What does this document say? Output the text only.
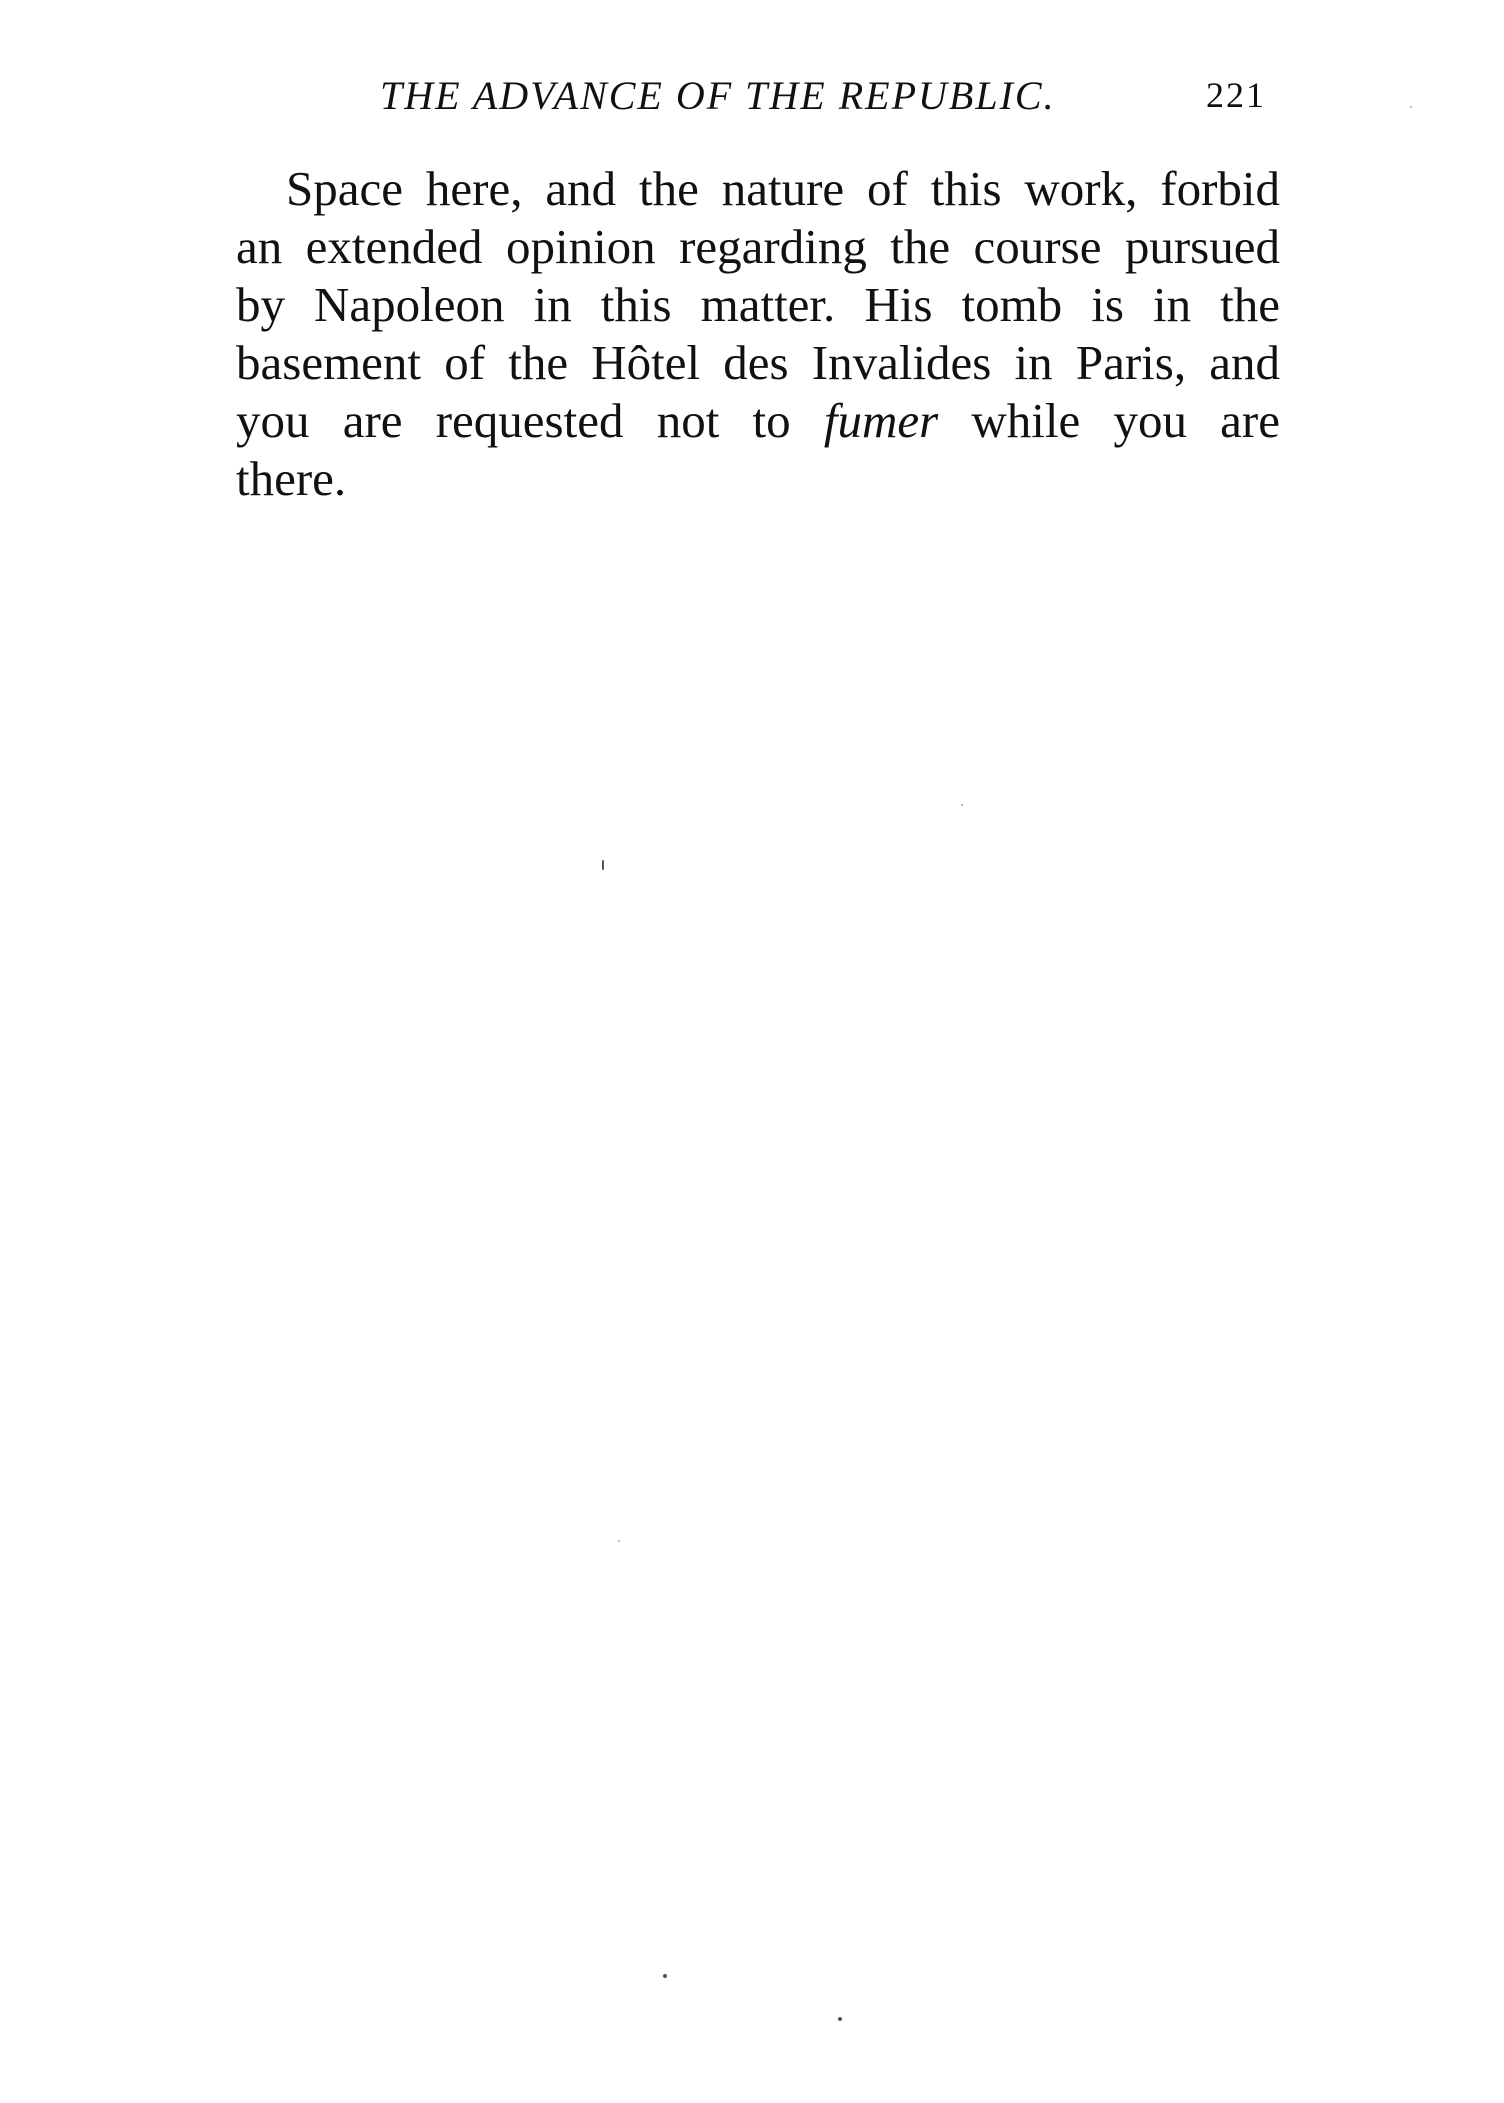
THE ADVANCE OF THE REPUBLIC.	221
Space here, and the nature of this work, forbid
an extended opinion regarding the course pursued
by Napoleon in this matter. His tomb is in the
basement of the Hôtel des Invalides in Paris, and
you are requested not to fumer while you are
there.
